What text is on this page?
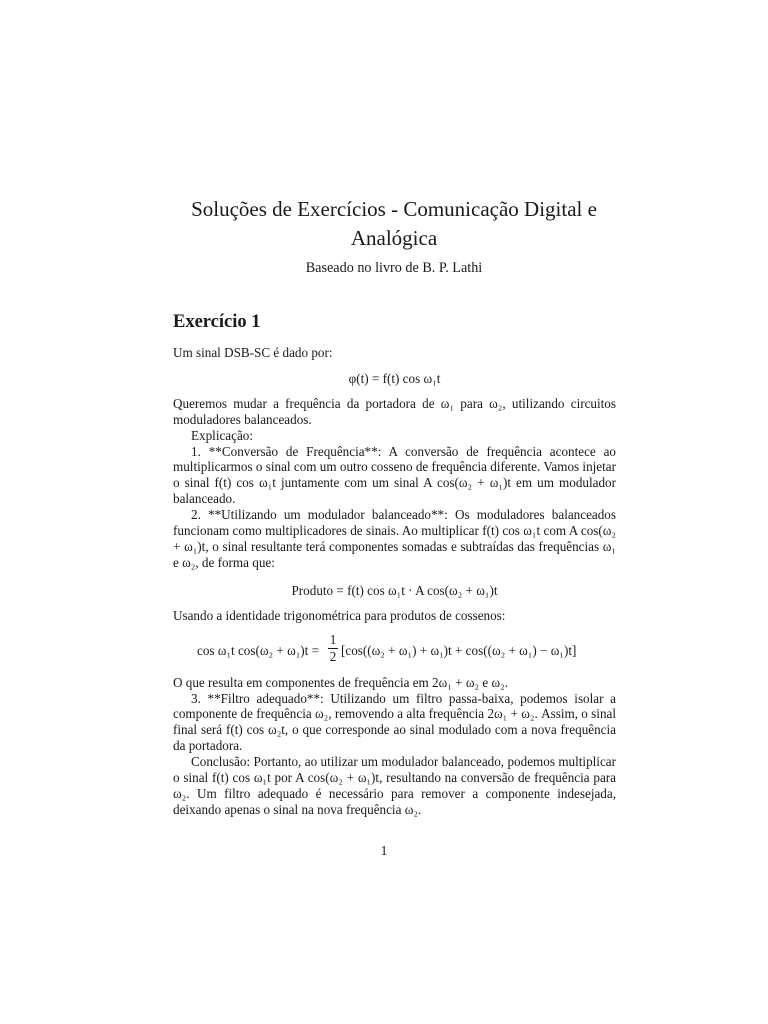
Soluções de Exercícios - Comunicação Digital e
Analógica
Baseado no livro de B. P. Lathi
Exercício 1

Um sinal DSB-SC é dado por:

φ(t) = f(t) cos ω₁t

Queremos mudar a frequência da portadora de ω₁ para ω₂, utilizando circuitos moduladores balanceados.

Explicação:

1. **Conversão de Frequência**: A conversão de frequência acontece ao multiplicarmos o sinal com um outro cosseno de frequência diferente. Vamos injetar o sinal f(t) cos ω₁t juntamente com um sinal A cos(ω₂ + ω₁)t em um modulador balanceado.

2. **Utilizando um modulador balanceado**: Os moduladores balanceados funcionam como multiplicadores de sinais. Ao multiplicar f(t) cos ω₁t com A cos(ω₂ + ω₁)t, o sinal resultante terá componentes somadas e subtraídas das frequências ω₁ e ω₂, de forma que:

Produto = f(t) cos ω₁t · A cos(ω₂ + ω₁)t

Usando a identidade trigonométrica para produtos de cossenos:

cos ω₁t cos(ω₂ + ω₁)t =
1
2 [cos((ω₂ + ω₁) + ω₁)t + cos((ω₂ + ω₁) − ω₁)t]

O que resulta em componentes de frequência em 2ω₁ + ω₂ e ω₂.

3. **Filtro adequado**: Utilizando um filtro passa-baixa, podemos isolar a componente de frequência ω₂, removendo a alta frequência 2ω₁ + ω₂. Assim, o sinal final será f(t) cos ω₂t, o que corresponde ao sinal modulado com a nova frequência da portadora.

Conclusão: Portanto, ao utilizar um modulador balanceado, podemos multiplicar o sinal f(t) cos ω₁t por A cos(ω₂ + ω₁)t, resultando na conversão de frequência para ω₂. Um filtro adequado é necessário para remover a componente indesejada, deixando apenas o sinal na nova frequência ω₂.

1
